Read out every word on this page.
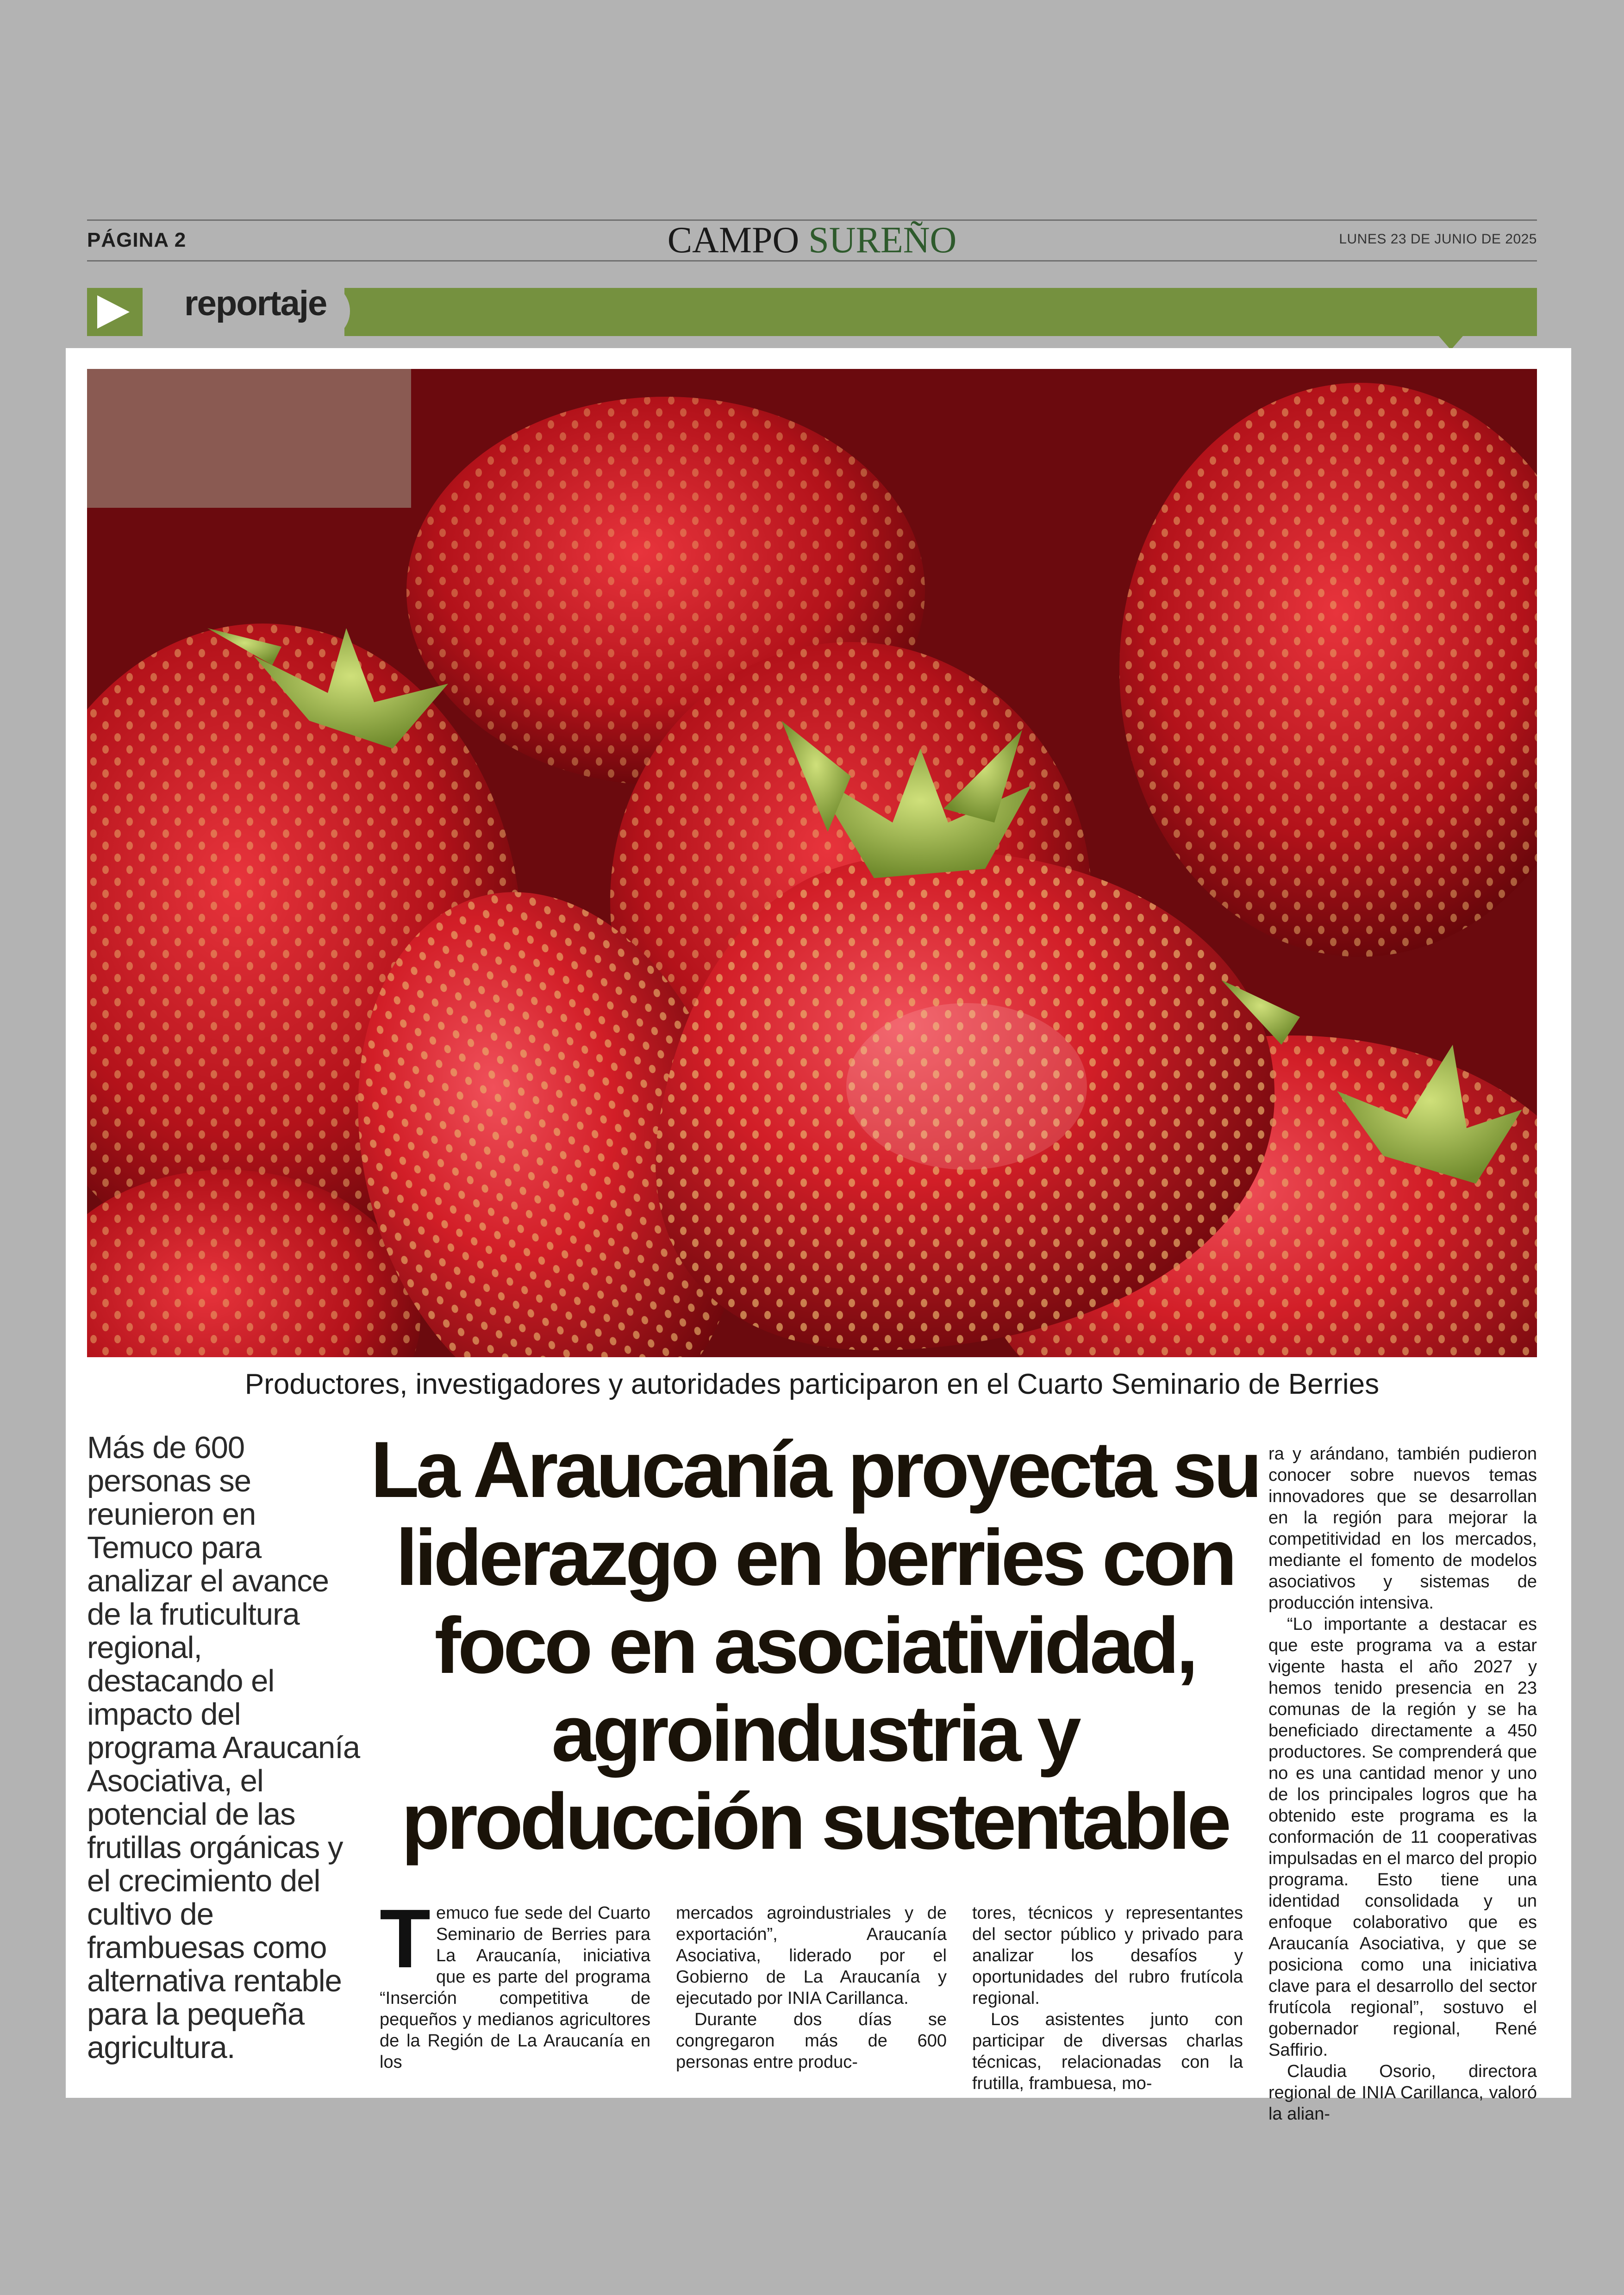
PÁGINA 2	CAMPO SUREÑO	LUNES 23 DE JUNIO DE 2025
reportaje
Productores, investigadores y autoridades participaron en el Cuarto Seminario de Berries
Más de 600 personas se reunieron en Temuco para analizar el avance de la fruticultura regional, destacando el impacto del programa Araucanía Asociativa, el potencial de las frutillas orgánicas y el crecimiento del cultivo de frambuesas como alternativa rentable para la pequeña agricultura.
La Araucanía proyecta su liderazgo en berries con foco en asociatividad, agroindustria y producción sustentable

Temuco fue sede del Cuarto Seminario de Berries para La Araucanía, iniciativa que es parte del programa “Inserción competitiva de pequeños y medianos agricultores de la Región de La Araucanía en los

mercados agroindustriales y de exportación”, Araucanía Asociativa, liderado por el Gobierno de La Araucanía y ejecutado por INIA Carillanca.

Durante dos días se congregaron más de 600 personas entre produc-

tores, técnicos y representantes del sector público y privado para analizar los desafíos y oportunidades del rubro frutícola regional.

Los asistentes junto con participar de diversas charlas técnicas, relacionadas con la frutilla, frambuesa, mo-

ra y arándano, también pudieron conocer sobre nuevos temas innovadores que se desarrollan en la región para mejorar la competitividad en los mercados, mediante el fomento de modelos asociativos y sistemas de producción intensiva.

“Lo importante a destacar es que este programa va a estar vigente hasta el año 2027 y hemos tenido presencia en 23 comunas de la región y se ha beneficiado directamente a 450 productores. Se comprenderá que no es una cantidad menor y uno de los principales logros que ha obtenido este programa es la conformación de 11 cooperativas impulsadas en el marco del propio programa. Esto tiene una identidad consolidada y un enfoque colaborativo que es Araucanía Asociativa, y que se posiciona como una iniciativa clave para el desarrollo del sector frutícola regional”, sostuvo el gobernador regional, René Saffirio.

Claudia Osorio, directora regional de INIA Carillanca, valoró la alian-
